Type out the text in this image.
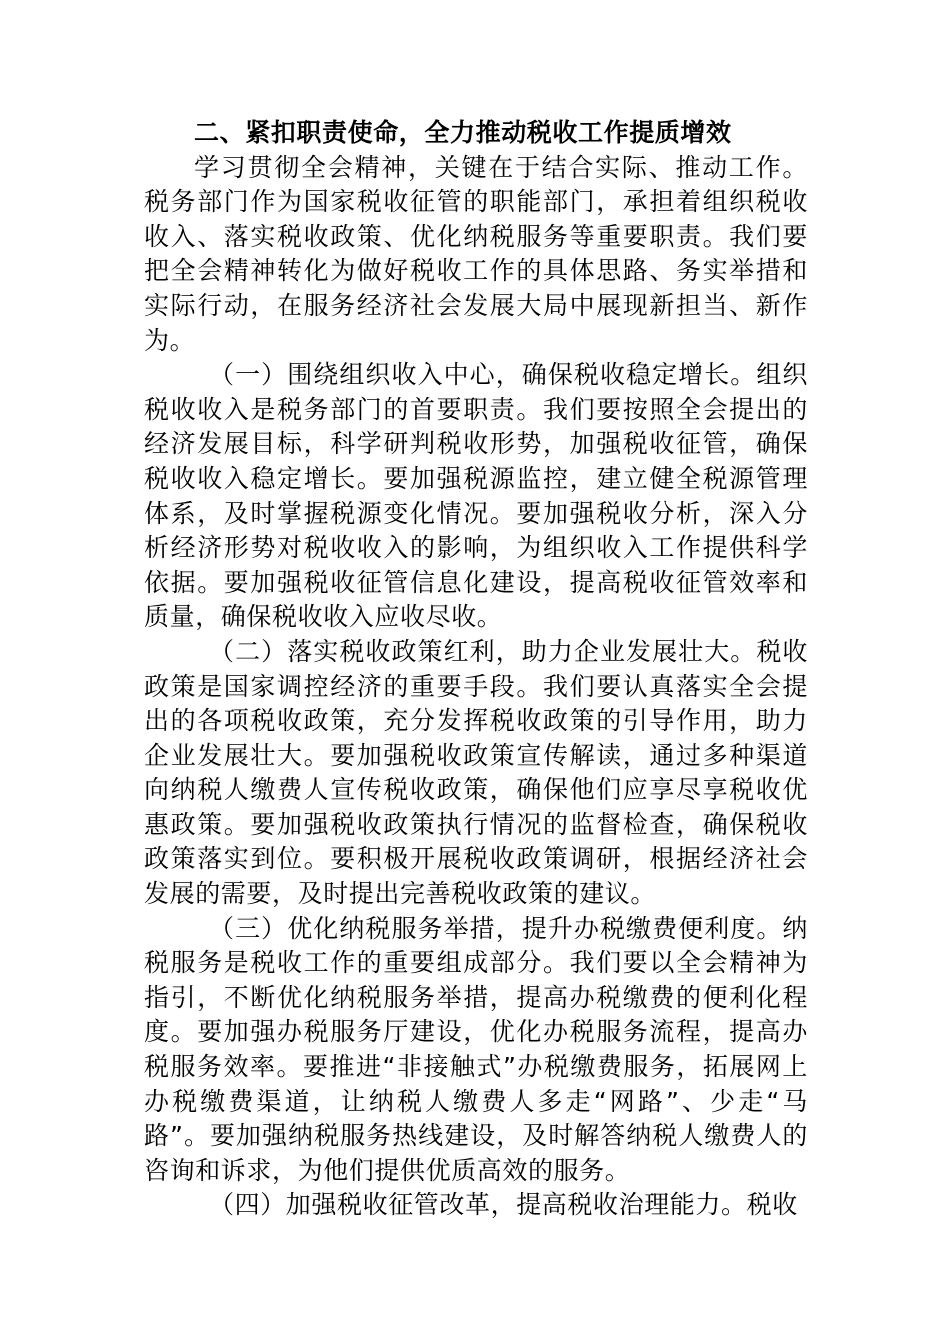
二、紧扣职责使命，全力推动税收工作提质增效

学习贯彻全会精神，关键在于结合实际、推动工作。税务部门作为国家税收征管的职能部门，承担着组织税收收入、落实税收政策、优化纳税服务等重要职责。我们要把全会精神转化为做好税收工作的具体思路、务实举措和实际行动，在服务经济社会发展大局中展现新担当、新作为。

（一）围绕组织收入中心，确保税收稳定增长。组织税收收入是税务部门的首要职责。我们要按照全会提出的经济发展目标，科学研判税收形势，加强税收征管，确保税收收入稳定增长。要加强税源监控，建立健全税源管理体系，及时掌握税源变化情况。要加强税收分析，深入分析经济形势对税收收入的影响，为组织收入工作提供科学依据。要加强税收征管信息化建设，提高税收征管效率和质量，确保税收收入应收尽收。

（二）落实税收政策红利，助力企业发展壮大。税收政策是国家调控经济的重要手段。我们要认真落实全会提出的各项税收政策，充分发挥税收政策的引导作用，助力企业发展壮大。要加强税收政策宣传解读，通过多种渠道向纳税人缴费人宣传税收政策，确保他们应享尽享税收优惠政策。要加强税收政策执行情况的监督检查，确保税收政策落实到位。要积极开展税收政策调研，根据经济社会发展的需要，及时提出完善税收政策的建议。

（三）优化纳税服务举措，提升办税缴费便利度。纳税服务是税收工作的重要组成部分。我们要以全会精神为指引，不断优化纳税服务举措，提高办税缴费的便利化程度。要加强办税服务厅建设，优化办税服务流程，提高办税服务效率。要推进“非接触式”办税缴费服务，拓展网上办税缴费渠道，让纳税人缴费人多走“网路”、少走“马路”。要加强纳税服务热线建设，及时解答纳税人缴费人的咨询和诉求，为他们提供优质高效的服务。

（四）加强税收征管改革，提高税收治理能力。税收
